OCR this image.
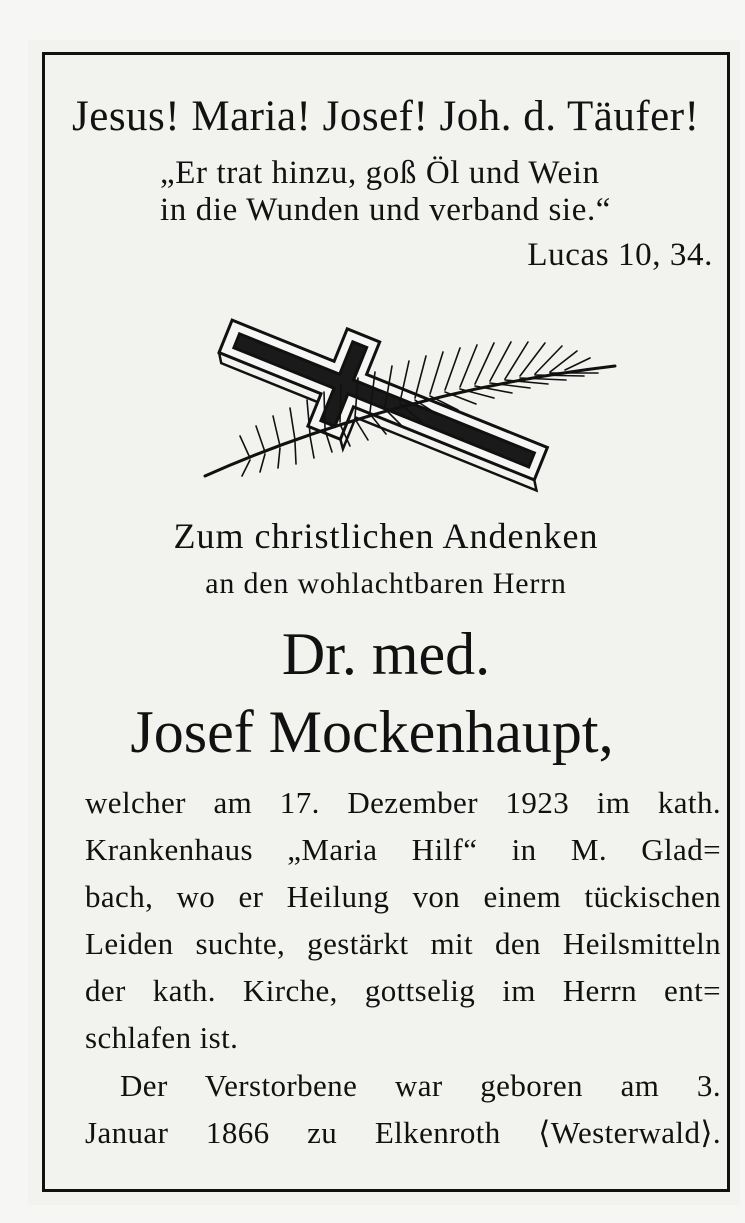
Jesus! Maria! Josef! Joh. d. Täufer!
„Er trat hinzu, goß Öl und Wein
in die Wunden und verband sie.“
Lucas 10, 34.
Zum christlichen Andenken
an den wohlachtbaren Herrn
Dr. med.
Josef Mockenhaupt,
welcher am 17. Dezember 1923 im kath.
Krankenhaus „Maria Hilf“ in M. Glad=
bach, wo er Heilung von einem tückischen
Leiden suchte, gestärkt mit den Heilsmitteln
der kath. Kirche, gottselig im Herrn ent=
schlafen ist.
Der Verstorbene war geboren am 3.
Januar 1866 zu Elkenroth ⟨Westerwald⟩.
